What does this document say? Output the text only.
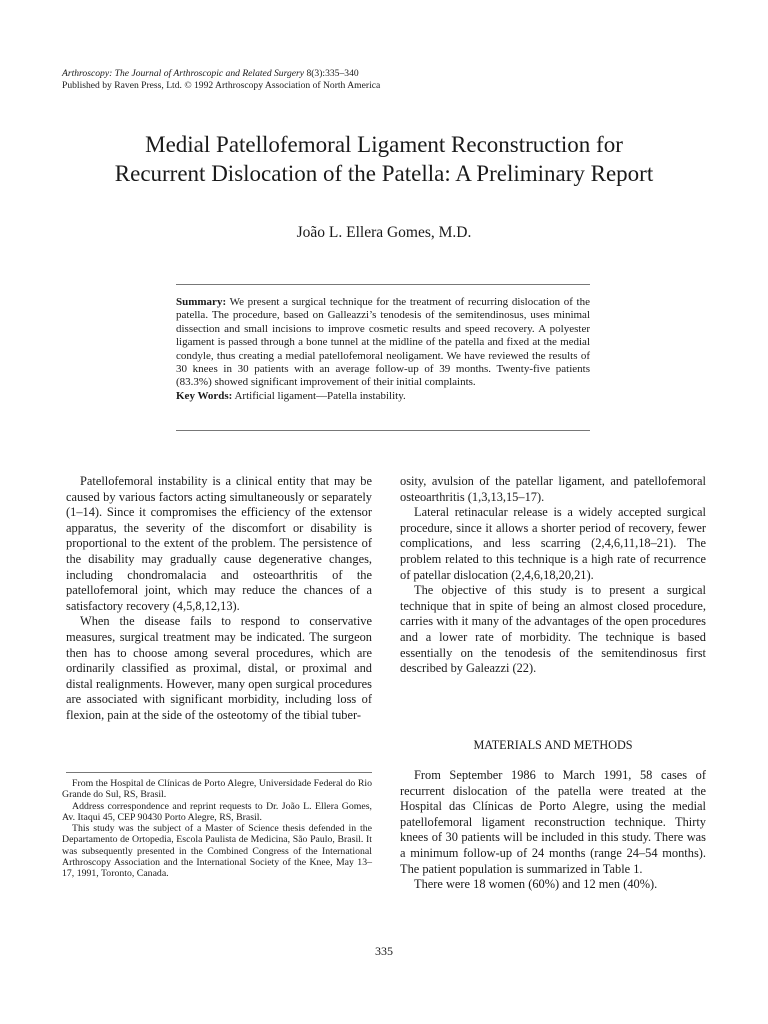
Arthroscopy: The Journal of Arthroscopic and Related Surgery 8(3):335–340
Published by Raven Press, Ltd. © 1992 Arthroscopy Association of North America
Medial Patellofemoral Ligament Reconstruction for
Recurrent Dislocation of the Patella: A Preliminary Report
João L. Ellera Gomes, M.D.
Summary: We present a surgical technique for the treatment of recurring dislocation of the patella. The procedure, based on Galleazzi’s tenodesis of the semitendinosus, uses minimal dissection and small incisions to improve cosmetic results and speed recovery. A polyester ligament is passed through a bone tunnel at the midline of the patella and fixed at the medial condyle, thus creating a medial patellofemoral neoligament. We have reviewed the results of 30 knees in 30 patients with an average follow-up of 39 months. Twenty-five patients (83.3%) showed significant improvement of their initial complaints.
Key Words: Artificial ligament—Patella instability.

Patellofemoral instability is a clinical entity that may be caused by various factors acting simultaneously or separately (1–14). Since it compromises the efficiency of the extensor apparatus, the severity of the discomfort or disability is proportional to the extent of the problem. The persistence of the disability may gradually cause degenerative changes, including chondromalacia and osteoarthritis of the patellofemoral joint, which may reduce the chances of a satisfactory recovery (4,5,8,12,13).

When the disease fails to respond to conservative measures, surgical treatment may be indicated. The surgeon then has to choose among several procedures, which are ordinarily classified as proximal, distal, or proximal and distal realignments. However, many open surgical procedures are associated with significant morbidity, including loss of flexion, pain at the side of the osteotomy of the tibial tuber-

From the Hospital de Clínicas de Porto Alegre, Universidade Federal do Rio Grande do Sul, RS, Brasil.

Address correspondence and reprint requests to Dr. João L. Ellera Gomes, Av. Itaqui 45, CEP 90430 Porto Alegre, RS, Brasil.

This study was the subject of a Master of Science thesis defended in the Departamento de Ortopedia, Escola Paulista de Medicina, São Paulo, Brasil. It was subsequently presented in the Combined Congress of the International Arthroscopy Association and the International Society of the Knee, May 13–17, 1991, Toronto, Canada.

osity, avulsion of the patellar ligament, and patellofemoral osteoarthritis (1,3,13,15–17).

Lateral retinacular release is a widely accepted surgical procedure, since it allows a shorter period of recovery, fewer complications, and less scarring (2,4,6,11,18–21). The problem related to this technique is a high rate of recurrence of patellar dislocation (2,4,6,18,20,21).

The objective of this study is to present a surgical technique that in spite of being an almost closed procedure, carries with it many of the advantages of the open procedures and a lower rate of morbidity. The technique is based essentially on the tenodesis of the semitendinosus first described by Galeazzi (22).

MATERIALS AND METHODS

From September 1986 to March 1991, 58 cases of recurrent dislocation of the patella were treated at the Hospital das Clínicas de Porto Alegre, using the medial patellofemoral ligament reconstruction technique. Thirty knees of 30 patients will be included in this study. There was a minimum follow-up of 24 months (range 24–54 months). The patient population is summarized in Table 1.

There were 18 women (60%) and 12 men (40%).

335
